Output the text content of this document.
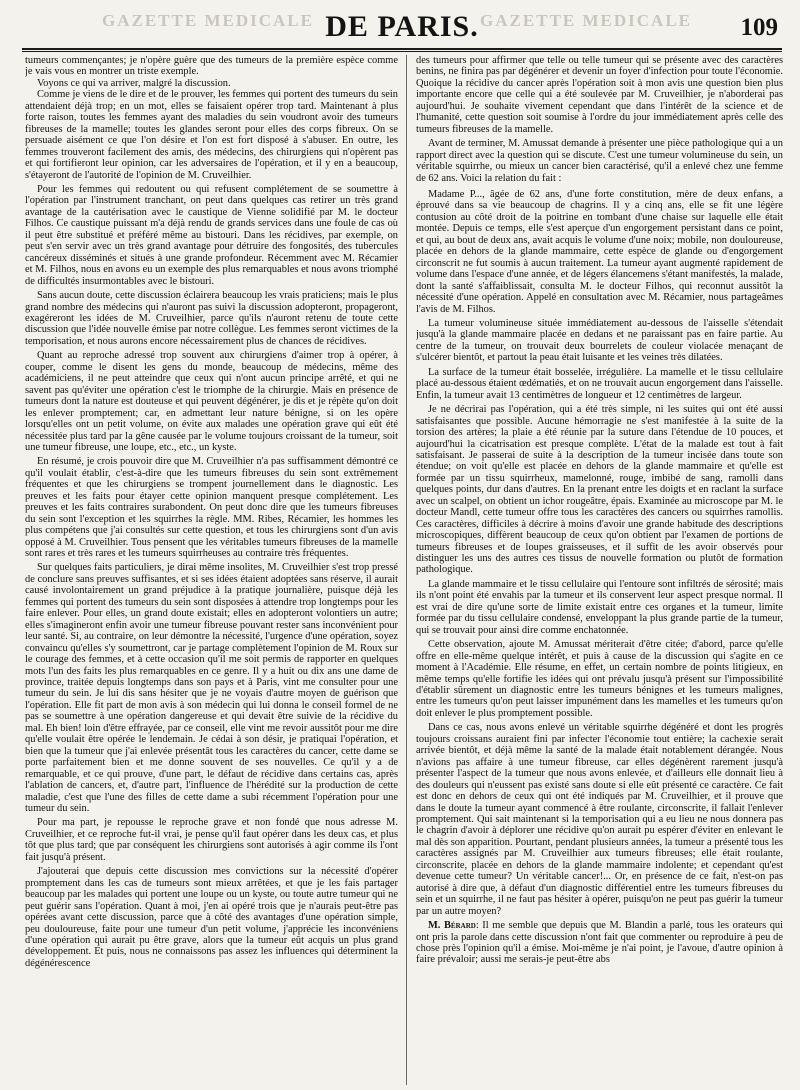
GAZETTE MEDICALE	GAZETTE MEDICALE
DE PARIS.	109

tumeurs commençantes; je n'opère guère que des tumeurs de la première espèce comme je vais vous en montrer un triste exemple.

Voyons ce qui va arriver, malgré la discussion.

Comme je viens de le dire et de le prouver, les femmes qui portent des tumeurs du sein attendaient déjà trop; en un mot, elles se faisaient opérer trop tard. Maintenant à plus forte raison, toutes les femmes ayant des maladies du sein voudront avoir des tumeurs fibreuses de la mamelle; toutes les glandes seront pour elles des corps fibreux. On se persuade aisément ce que l'on désire et l'on est fort disposé à s'abuser. En outre, les femmes trouveront facilement des amis, des médecins, des chirurgiens qui n'opèrent pas et qui fortifieront leur opinion, car les adversaires de l'opération, et il y en a beaucoup, s'étayeront de l'autorité de l'opinion de M. Cruveilhier.

Pour les femmes qui redoutent ou qui refusent complétement de se soumettre à l'opération par l'instrument tranchant, on peut dans quelques cas retirer un très grand avantage de la cautérisation avec le caustique de Vienne solidifié par M. le docteur Filhos. Ce caustique puissant m'a déjà rendu de grands services dans une foule de cas où il peut être substitué et préféré même au bistouri. Dans les récidives, par exemple, on peut s'en servir avec un très grand avantage pour détruire des fongosités, des tubercules cancéreux disséminés et situés à une grande profondeur. Récemment avec M. Récamier et M. Filhos, nous en avons eu un exemple des plus remarquables et nous avons triomphé de difficultés insurmontables avec le bistouri.

Sans aucun doute, cette discussion éclairera beaucoup les vrais praticiens; mais le plus grand nombre des médecins qui n'auront pas suivi la discussion adopteront, propageront, exagéreront les idées de M. Cruveilhier, parce qu'ils n'auront retenu de toute cette discussion que l'idée nouvelle émise par notre collègue. Les femmes seront victimes de la temporisation, et nous aurons encore nécessairement plus de chances de récidives.

Quant au reproche adressé trop souvent aux chirurgiens d'aimer trop à opérer, à couper, comme le disent les gens du monde, beaucoup de médecins, même des académiciens, il ne peut atteindre que ceux qui n'ont aucun principe arrêté, et qui ne savent pas qu'éviter une opération c'est le triomphe de la chirurgie. Mais en présence de tumeurs dont la nature est douteuse et qui peuvent dégénérer, je dis et je répète qu'on doit les enlever promptement; car, en admettant leur nature bénigne, si on les opère lorsqu'elles ont un petit volume, on évite aux malades une opération grave qui eût été nécessitée plus tard par la gêne causée par le volume toujours croissant de la tumeur, soit une tumeur fibreuse, une loupe, etc., etc., un kyste.

En résumé, je crois pouvoir dire que M. Cruveilhier n'a pas suffisamment démontré ce qu'il voulait établir, c'est-à-dire que les tumeurs fibreuses du sein sont extrêmement fréquentes et que les chirurgiens se trompent journellement dans le diagnostic. Les preuves et les faits pour étayer cette opinion manquent presque complétement. Les preuves et les faits contraires surabondent. On peut donc dire que les tumeurs fibreuses du sein sont l'exception et les squirrhes la règle. MM. Ribes, Récamier, les hommes les plus compétens que j'ai consultés sur cette question, et tous les chirurgiens sont d'un avis opposé à M. Cruveilhier. Tous pensent que les véritables tumeurs fibreuses de la mamelle sont rares et très rares et les tumeurs squirrheuses au contraire très fréquentes.

Sur quelques faits particuliers, je dirai même insolites, M. Cruveilhier s'est trop pressé de conclure sans preuves suffisantes, et si ses idées étaient adoptées sans réserve, il aurait causé involontairement un grand préjudice à la pratique journalière, puisque déjà les femmes qui portent des tumeurs du sein sont disposées à attendre trop longtemps pour les faire enlever. Pour elles, un grand doute existait; elles en adopteront volontiers un autre; elles s'imagineront enfin avoir une tumeur fibreuse pouvant rester sans inconvénient pour leur santé. Si, au contraire, on leur démontre la nécessité, l'urgence d'une opération, soyez convaincu qu'elles s'y soumettront, car je partage complètement l'opinion de M. Roux sur le courage des femmes, et à cette occasion qu'il me soit permis de rapporter en quelques mots l'un des faits les plus remarquables en ce genre. Il y a huit ou dix ans une dame de province, traitée depuis longtemps dans son pays et à Paris, vint me consulter pour une tumeur du sein. Je lui dis sans hésiter que je ne voyais d'autre moyen de guérison que l'opération. Elle fit part de mon avis à son médecin qui lui donna le conseil formel de ne pas se soumettre à une opération dangereuse et qui devait être suivie de la récidive du mal. Eh bien! loin d'être effrayée, par ce conseil, elle vint me revoir aussitôt pour me dire qu'elle voulait être opérée le lendemain. Je cédai à son désir, je pratiquai l'opération, et bien que la tumeur que j'ai enlevée présentât tous les caractères du cancer, cette dame se porte parfaitement bien et me donne souvent de ses nouvelles. Ce qu'il y a de remarquable, et ce qui prouve, d'une part, le défaut de récidive dans certains cas, après l'ablation de cancers, et, d'autre part, l'influence de l'hérédité sur la production de cette maladie, c'est que l'une des filles de cette dame a subi récemment l'opération pour une tumeur du sein.

Pour ma part, je repousse le reproche grave et non fondé que nous adresse M. Cruveilhier, et ce reproche fut-il vrai, je pense qu'il faut opérer dans les deux cas, et plus tôt que plus tard; que par conséquent les chirurgiens sont autorisés à agir comme ils l'ont fait jusqu'à présent.

J'ajouterai que depuis cette discussion mes convictions sur la nécessité d'opérer promptement dans les cas de tumeurs sont mieux arrêtées, et que je les fais partager beaucoup par les malades qui portent une loupe ou un kyste, ou toute autre tumeur qui ne peut guérir sans l'opération. Quant à moi, j'en ai opéré trois que je n'aurais peut-être pas opérées avant cette discussion, parce que à côté des avantages d'une opération simple, peu douloureuse, faite pour une tumeur d'un petit volume, j'apprécie les inconvéniens d'une opération qui aurait pu être grave, alors que la tumeur eût acquis un plus grand développement. Et puis, nous ne connaissons pas assez les influences qui déterminent la dégénérescence

des tumeurs pour affirmer que telle ou telle tumeur qui se présente avec des caractères benins, ne finira pas par dégénérer et devenir un foyer d'infection pour toute l'économie. Quoique la récidive du cancer après l'opération soit à mon avis une question bien plus importante encore que celle qui a été soulevée par M. Cruveilhier, je n'aborderai pas aujourd'hui. Je souhaite vivement cependant que dans l'intérêt de la science et de l'humanité, cette question soit soumise à l'ordre du jour immédiatement après celle des tumeurs fibreuses de la mamelle.

Avant de terminer, M. Amussat demande à présenter une pièce pathologique qui a un rapport direct avec la question qui se discute. C'est une tumeur volumineuse du sein, un véritable squirrhe, ou mieux un cancer bien caractérisé, qu'il a enlevé chez une femme de 62 ans. Voici la relation du fait :

Madame P..., âgée de 62 ans, d'une forte constitution, mère de deux enfans, a éprouvé dans sa vie beaucoup de chagrins. Il y a cinq ans, elle se fit une légère contusion au côté droit de la poitrine en tombant d'une chaise sur laquelle elle était montée. Depuis ce temps, elle s'est aperçue d'un engorgement persistant dans ce point, et qui, au bout de deux ans, avait acquis le volume d'une noix; mobile, non douloureuse, placée en dehors de la glande mammaire, cette espèce de glande ou d'engorgement circonscrit ne fut soumis à aucun traitement. La tumeur ayant augmenté rapidement de volume dans l'espace d'une année, et de légers élancemens s'étant manifestés, la malade, dont la santé s'affaiblissait, consulta M. le docteur Filhos, qui reconnut aussitôt la nécessité d'une opération. Appelé en consultation avec M. Récamier, nous partageâmes l'avis de M. Filhos.

La tumeur volumineuse située immédiatement au-dessous de l'aisselle s'étendait jusqu'à la glande mammaire placée en dedans et ne paraissant pas en faire partie. Au centre de la tumeur, on trouvait deux bourrelets de couleur violacée menaçant de s'ulcérer bientôt, et partout la peau était luisante et les veines très dilatées.

La surface de la tumeur était bosselée, irrégulière. La mamelle et le tissu cellulaire placé au-dessous étaient œdématiés, et on ne trouvait aucun engorgement dans l'aisselle. Enfin, la tumeur avait 13 centimètres de longueur et 12 centimètres de largeur.

Je ne décrirai pas l'opération, qui a été très simple, ni les suites qui ont été aussi satisfaisantes que possible. Aucune hémorragie ne s'est manifestée à la suite de la torsion des artères; la plaie a été réunie par la suture dans l'étendue de 10 pouces, et aujourd'hui la cicatrisation est presque complète. L'état de la malade est tout à fait satisfaisant. Je passerai de suite à la description de la tumeur incisée dans toute son étendue; on voit qu'elle est placée en dehors de la glande mammaire et qu'elle est formée par un tissu squirrheux, mamelonné, rouge, imbibé de sang, ramolli dans quelques points, dur dans d'autres. En la prenant entre les doigts et en raclant la surface avec un scalpel, on obtient un ichor rougeâtre, épais. Examinée au microscope par M. le docteur Mandl, cette tumeur offre tous les caractères des cancers ou squirrhes ramollis. Ces caractères, difficiles à décrire à moins d'avoir une grande habitude des descriptions microscopiques, diffèrent beaucoup de ceux qu'on obtient par l'examen de portions de tumeurs fibreuses et de loupes graisseuses, et il suffit de les avoir observés pour distinguer les uns des autres ces tissus de nouvelle formation ou plutôt de formation pathologique.

La glande mammaire et le tissu cellulaire qui l'entoure sont infiltrés de sérosité; mais ils n'ont point été envahis par la tumeur et ils conservent leur aspect presque normal. Il est vrai de dire qu'une sorte de limite existait entre ces organes et la tumeur, limite formée par du tissu cellulaire condensé, enveloppant la plus grande partie de la tumeur, qui se trouvait pour ainsi dire comme enchatonnée.

Cette observation, ajoute M. Amussat mériterait d'être citée; d'abord, parce qu'elle offre en elle-même quelque intérêt, et puis à cause de la discussion qui s'agite en ce moment à l'Académie. Elle résume, en effet, un certain nombre de points litigieux, en même temps qu'elle fortifie les idées qui ont prévalu jusqu'à présent sur l'impossibilité d'établir sûrement un diagnostic entre les tumeurs bénignes et les tumeurs malignes, entre les tumeurs qu'on peut laisser impunément dans les mamelles et les tumeurs qu'on doit enlever le plus promptement possible.

Dans ce cas, nous avons enlevé un véritable squirrhe dégénéré et dont les progrès toujours croissans auraient fini par infecter l'économie tout entière; la cachexie serait arrivée bientôt, et déjà même la santé de la malade était notablement dérangée. Nous n'avions pas affaire à une tumeur fibreuse, car elles dégénèrent rarement jusqu'à présenter l'aspect de la tumeur que nous avons enlevée, et d'ailleurs elle donnait lieu à des douleurs qui n'eussent pas existé sans doute si elle eût présenté ce caractère. Ce fait est donc en dehors de ceux qui ont été indiqués par M. Cruveilhier, et il prouve que dans le doute la tumeur ayant commencé à être roulante, circonscrite, il fallait l'enlever promptement. Qui sait maintenant si la temporisation qui a eu lieu ne nous donnera pas le chagrin d'avoir à déplorer une récidive qu'on aurait pu espérer d'éviter en enlevant le mal dès son apparition. Pourtant, pendant plusieurs années, la tumeur a présenté tous les caractères assignés par M. Cruveilhier aux tumeurs fibreuses; elle était roulante, circonscrite, placée en dehors de la glande mammaire indolente; et cependant qu'est devenue cette tumeur? Un véritable cancer!... Or, en présence de ce fait, n'est-on pas autorisé à dire que, à défaut d'un diagnostic différentiel entre les tumeurs fibreuses du sein et un squirrhe, il ne faut pas hésiter à opérer, puisqu'on ne peut pas guérir la tumeur par un autre moyen?

M. Bérard: Il me semble que depuis que M. Blandin a parlé, tous les orateurs qui ont pris la parole dans cette discussion n'ont fait que commenter ou reproduire à peu de chose près l'opinion qu'il a émise. Moi-même je n'ai point, je l'avoue, d'autre opinion à faire prévaloir; aussi me serais-je peut-être abs
